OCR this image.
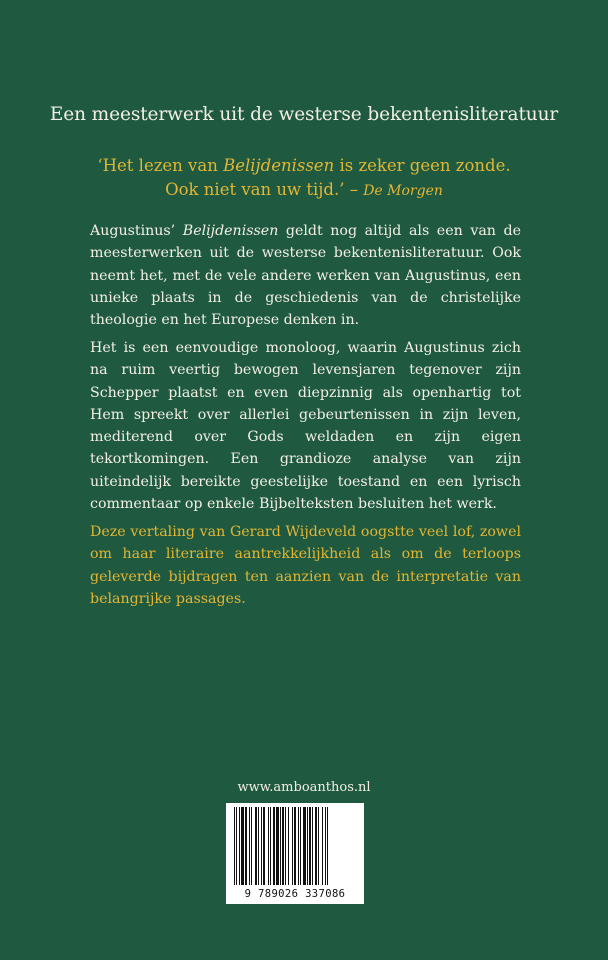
Een meesterwerk uit de westerse bekentenisliteratuur
‘Het lezen van Belijdenissen is zeker geen zonde.
Ook niet van uw tijd.’ – De Morgen

Augustinus’ Belijdenissen geldt nog altijd als een van de meesterwerken uit de westerse bekentenisliteratuur. Ook neemt het, met de vele andere werken van Augustinus, een unieke plaats in de geschiedenis van de christelijke theologie en het Europese denken in.

Het is een eenvoudige monoloog, waarin Augustinus zich na ruim veertig bewogen levensjaren tegenover zijn Schepper plaatst en even diepzinnig als openhartig tot Hem spreekt over allerlei gebeurtenissen in zijn leven, mediterend over Gods weldaden en zijn eigen tekortkomingen. Een grandioze analyse van zijn uiteindelijk bereikte geestelijke toestand en een lyrisch commentaar op enkele Bijbelteksten besluiten het werk.

Deze vertaling van Gerard Wijdeveld oogstte veel lof, zowel om haar literaire aantrekkelijkheid als om de terloops geleverde bijdragen ten aanzien van de interpretatie van belangrijke passages.

www.amboanthos.nl
9 789026 337086
